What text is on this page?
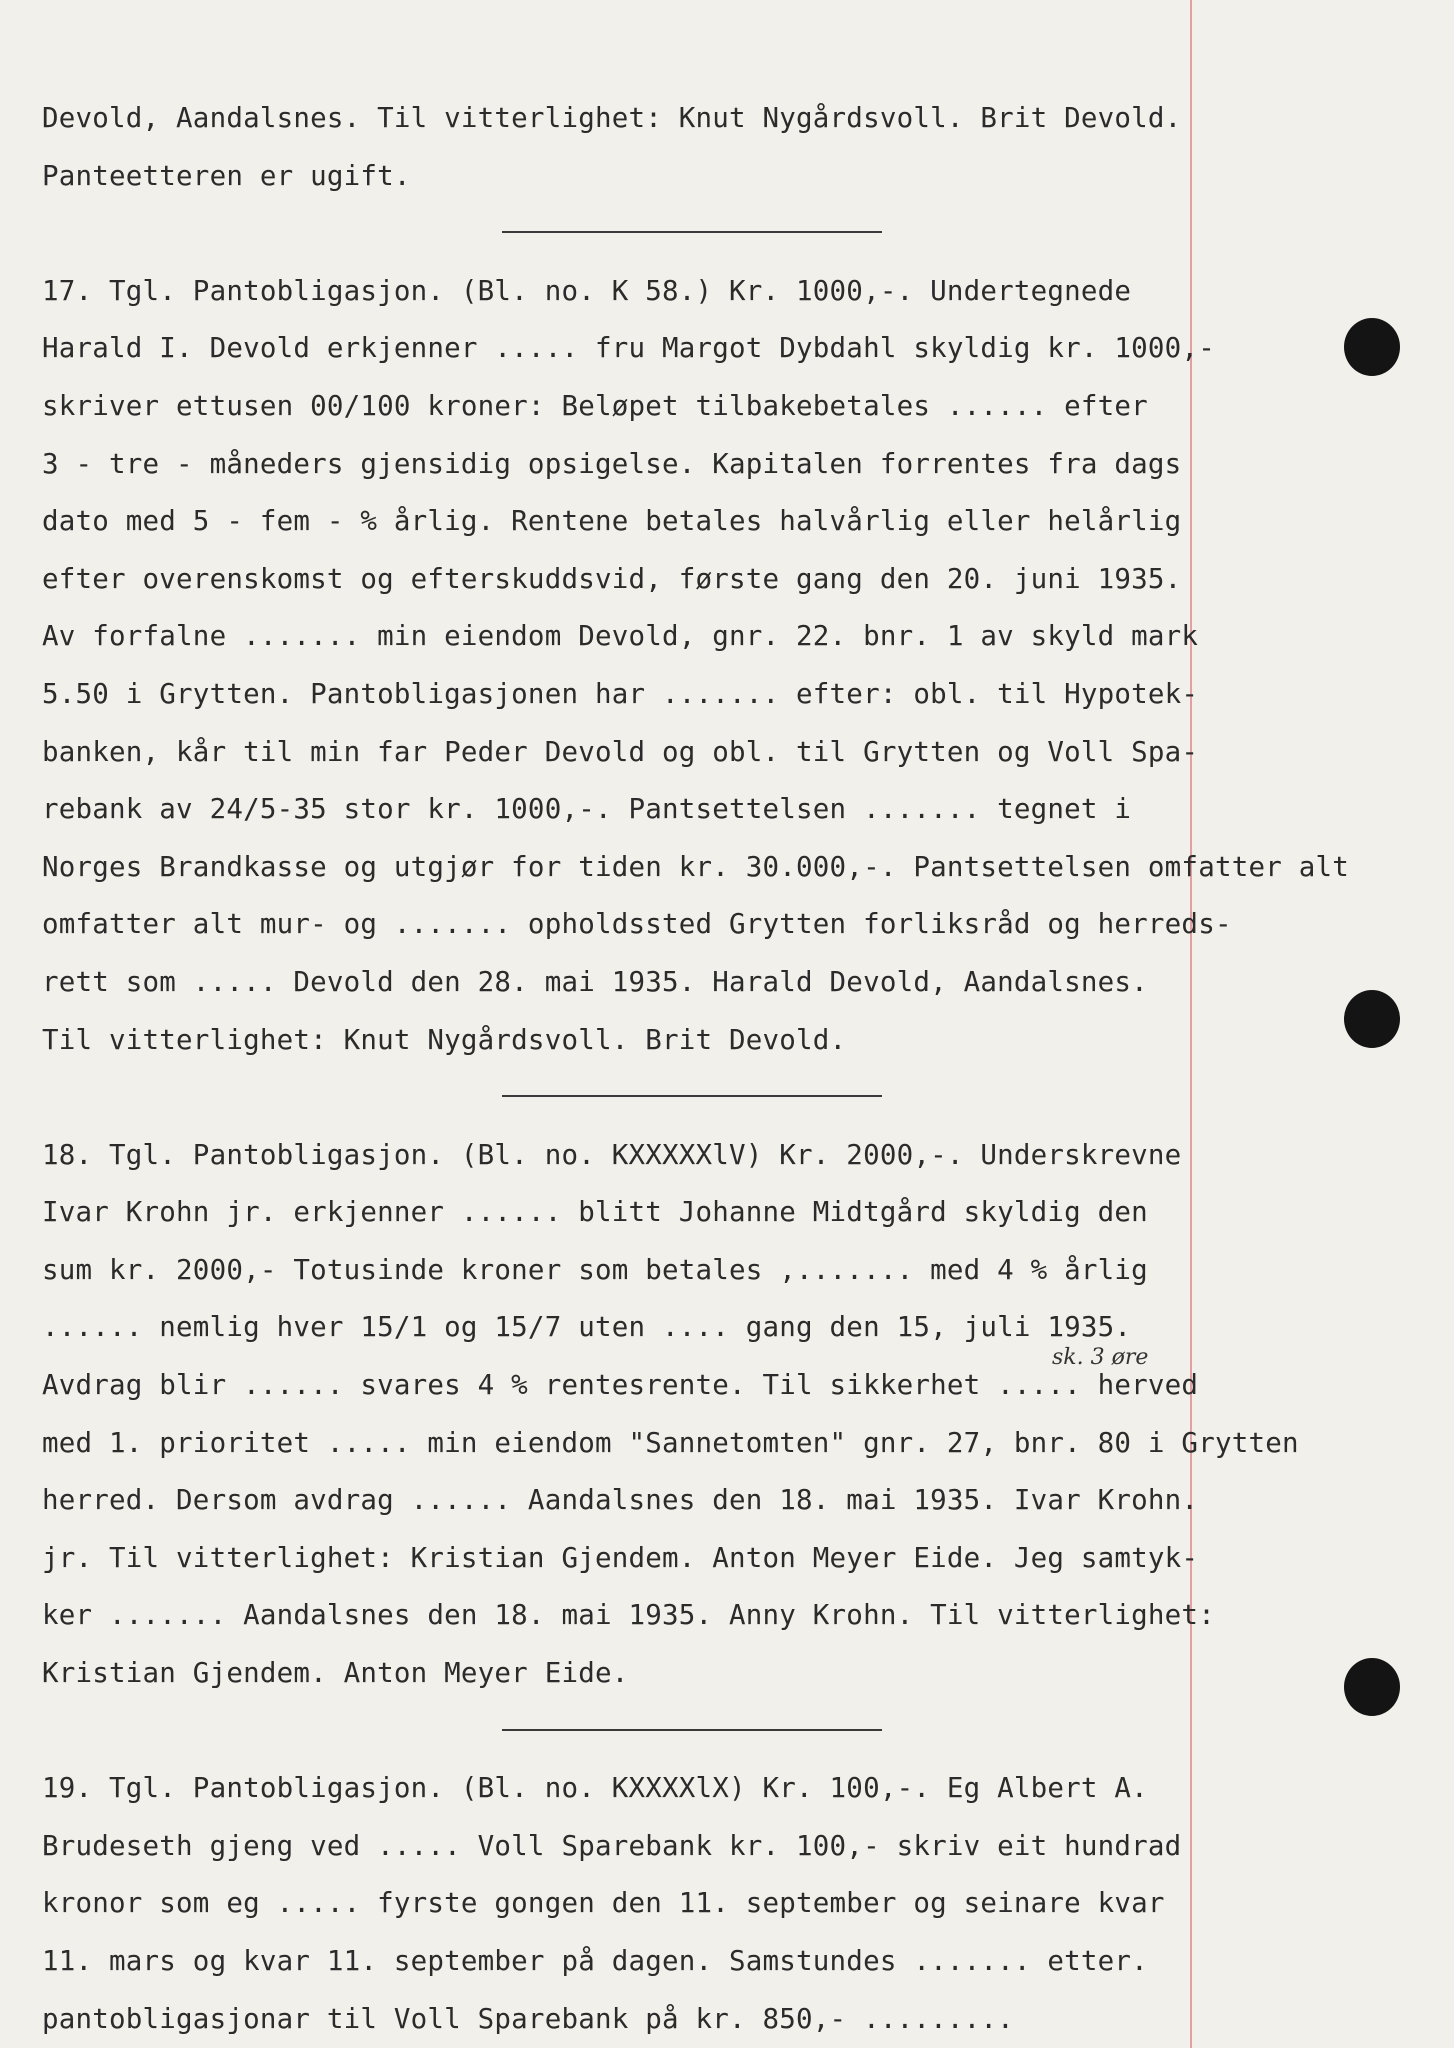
Devold, Aandalsnes. Til vitterlighet: Knut Nygårdsvoll. Brit Devold.
Panteetteren er ugift.
17. Tgl. Pantobligasjon. (Bl. no. K 58.) Kr. 1000,-. Undertegnede
Harald I. Devold erkjenner ..... fru Margot Dybdahl skyldig kr. 1000,-
skriver ettusen 00/100 kroner: Beløpet tilbakebetales ...... efter
3 - tre - måneders gjensidig opsigelse. Kapitalen forrentes fra dags
dato med 5 - fem - % årlig. Rentene betales halvårlig eller helårlig
efter overenskomst og efterskuddsvid, første gang den 20. juni 1935.
Av forfalne ....... min eiendom Devold, gnr. 22. bnr. 1 av skyld mark
5.50 i Grytten. Pantobligasjonen har ....... efter: obl. til Hypotek-
banken, kår til min far Peder Devold og obl. til Grytten og Voll Spa-
rebank av 24/5-35 stor kr. 1000,-. Pantsettelsen ....... tegnet i
Norges Brandkasse og utgjør for tiden kr. 30.000,-. Pantsettelsen omfatter alt
omfatter alt mur- og ....... opholdssted Grytten forliksråd og herreds-
rett som ..... Devold den 28. mai 1935. Harald Devold, Aandalsnes.
Til vitterlighet: Knut Nygårdsvoll. Brit Devold.
18. Tgl. Pantobligasjon. (Bl. no. KXXXXXlV) Kr. 2000,-. Underskrevne
Ivar Krohn jr. erkjenner ...... blitt Johanne Midtgård skyldig den
sum kr. 2000,- Totusinde kroner som betales ,....... med 4 % årlig
...... nemlig hver 15/1 og 15/7 uten .... gang den 15, juli 1935.
Avdrag blir ...... svares 4 % rentesrente. Til sikkerhet ..... herved
med 1. prioritet ..... min eiendom "Sannetomten" gnr. 27, bnr. 80 i Grytten
herred. Dersom avdrag ...... Aandalsnes den 18. mai 1935. Ivar Krohn.
jr. Til vitterlighet: Kristian Gjendem. Anton Meyer Eide. Jeg samtyk-
ker ....... Aandalsnes den 18. mai 1935. Anny Krohn. Til vitterlighet:
Kristian Gjendem. Anton Meyer Eide.
19. Tgl. Pantobligasjon. (Bl. no. KXXXXlX) Kr. 100,-. Eg Albert A.
Brudeseth gjeng ved ..... Voll Sparebank kr. 100,- skriv eit hundrad
kronor som eg ..... fyrste gongen den 11. september og seinare kvar
11. mars og kvar 11. september på dagen. Samstundes ....... etter.
pantobligasjonar til Voll Sparebank på kr. 850,- .........
sk. 3 øre
